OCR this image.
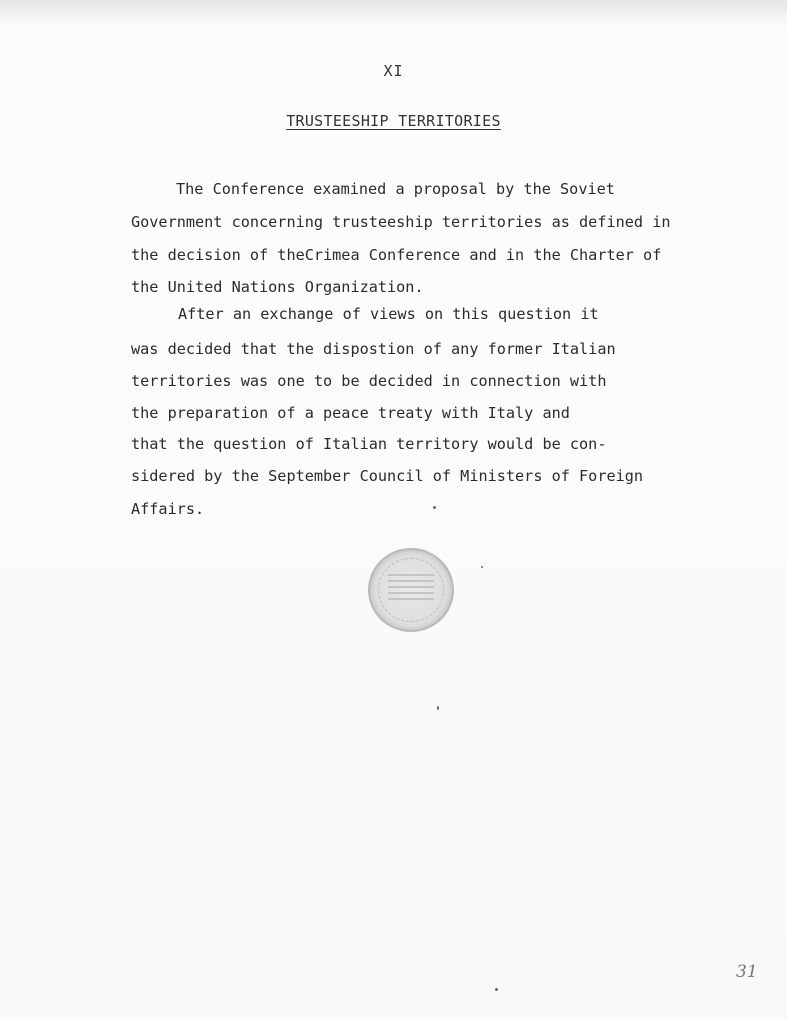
XI
TRUSTEESHIP TERRITORIES
The Conference examined a proposal by the Soviet
Government concerning trusteeship territories as defined in
the decision of theCrimea Conference and in the Charter of
the United Nations Organization.
After an exchange of views on this question it
was decided that the dispostion of any former Italian
territories was one to be decided in connection with
the preparation of a peace treaty with Italy and
that the question of Italian territory would be con-
sidered by the September Council of Ministers of Foreign
Affairs.
31
